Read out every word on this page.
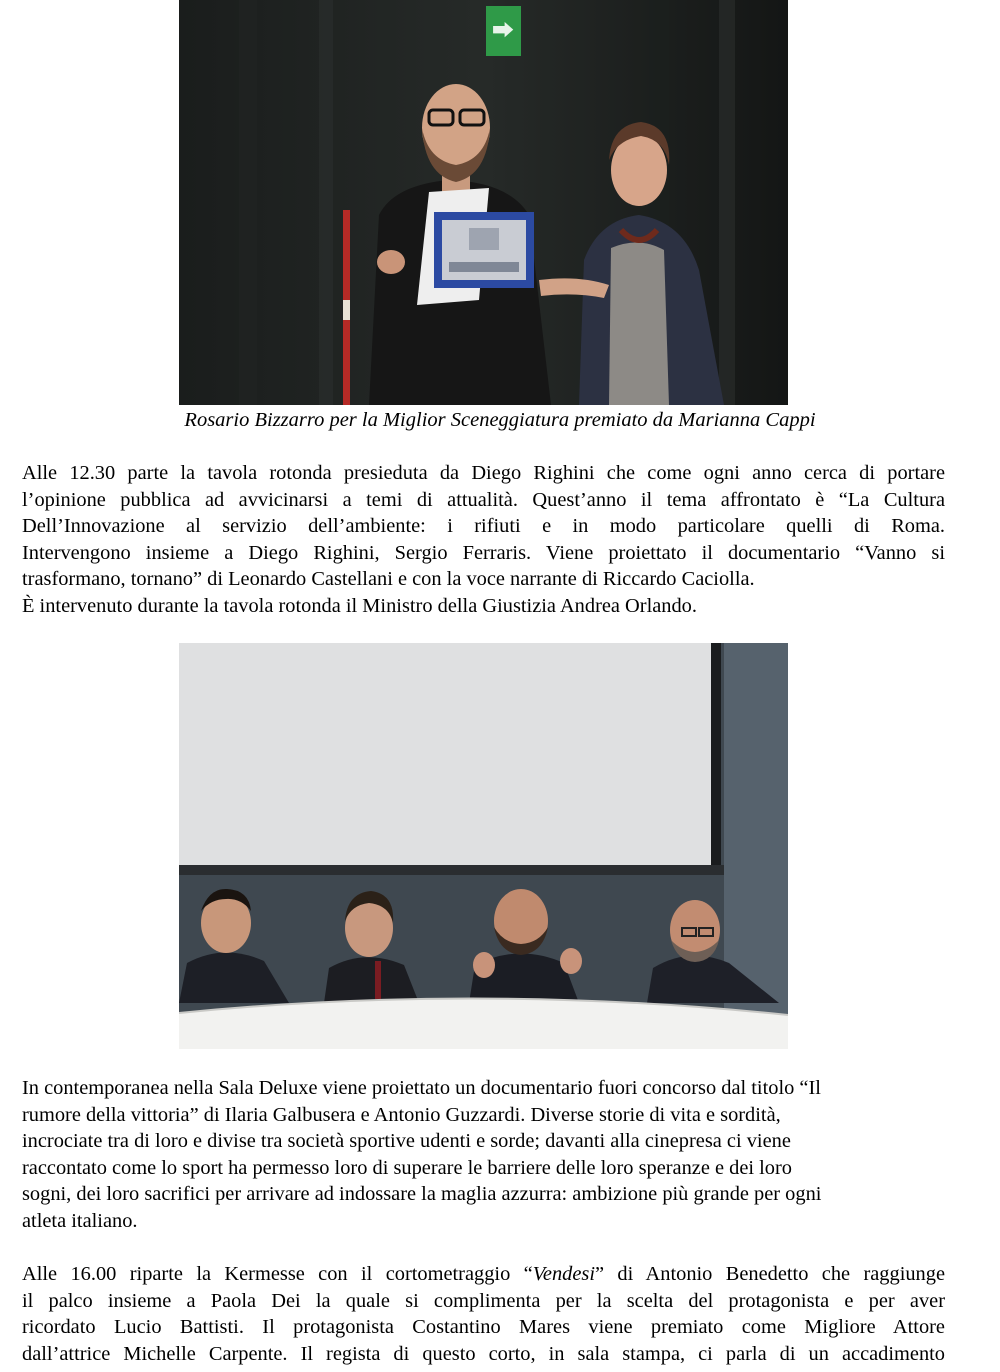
⮕
Rosario Bizzarro per la Miglior Sceneggiatura premiato da Marianna Cappi
Alle 12.30 parte la tavola rotonda presieduta da Diego Righini che come ogni anno cerca di portare
l’opinione pubblica ad avvicinarsi a temi di attualità. Quest’anno il tema affrontato è “La Cultura
Dell’Innovazione al servizio dell’ambiente: i rifiuti e in modo particolare quelli di Roma.
Intervengono insieme a Diego Righini, Sergio Ferraris. Viene proiettato il documentario “Vanno si
trasformano, tornano” di Leonardo Castellani e con la voce narrante di Riccardo Caciolla.
È intervenuto durante la tavola rotonda il Ministro della Giustizia Andrea Orlando.
In contemporanea nella Sala Deluxe viene proiettato un documentario fuori concorso dal titolo “Il
rumore della vittoria” di Ilaria Galbusera e Antonio Guzzardi. Diverse storie di vita e sordità,
incrociate tra di loro e divise tra società sportive udenti e sorde; davanti alla cinepresa ci viene
raccontato come lo sport ha permesso loro di superare le barriere delle loro speranze e dei loro
sogni, dei loro sacrifici per arrivare ad indossare la maglia azzurra: ambizione più grande per ogni
atleta italiano.
Alle 16.00 riparte la Kermesse con il cortometraggio “Vendesi” di Antonio Benedetto che raggiunge
il palco insieme a Paola Dei la quale si complimenta per la scelta del protagonista e per aver
ricordato Lucio Battisti. Il protagonista Costantino Mares viene premiato come Migliore Attore
dall’attrice Michelle Carpente. Il regista di questo corto, in sala stampa, ci parla di un accadimento
